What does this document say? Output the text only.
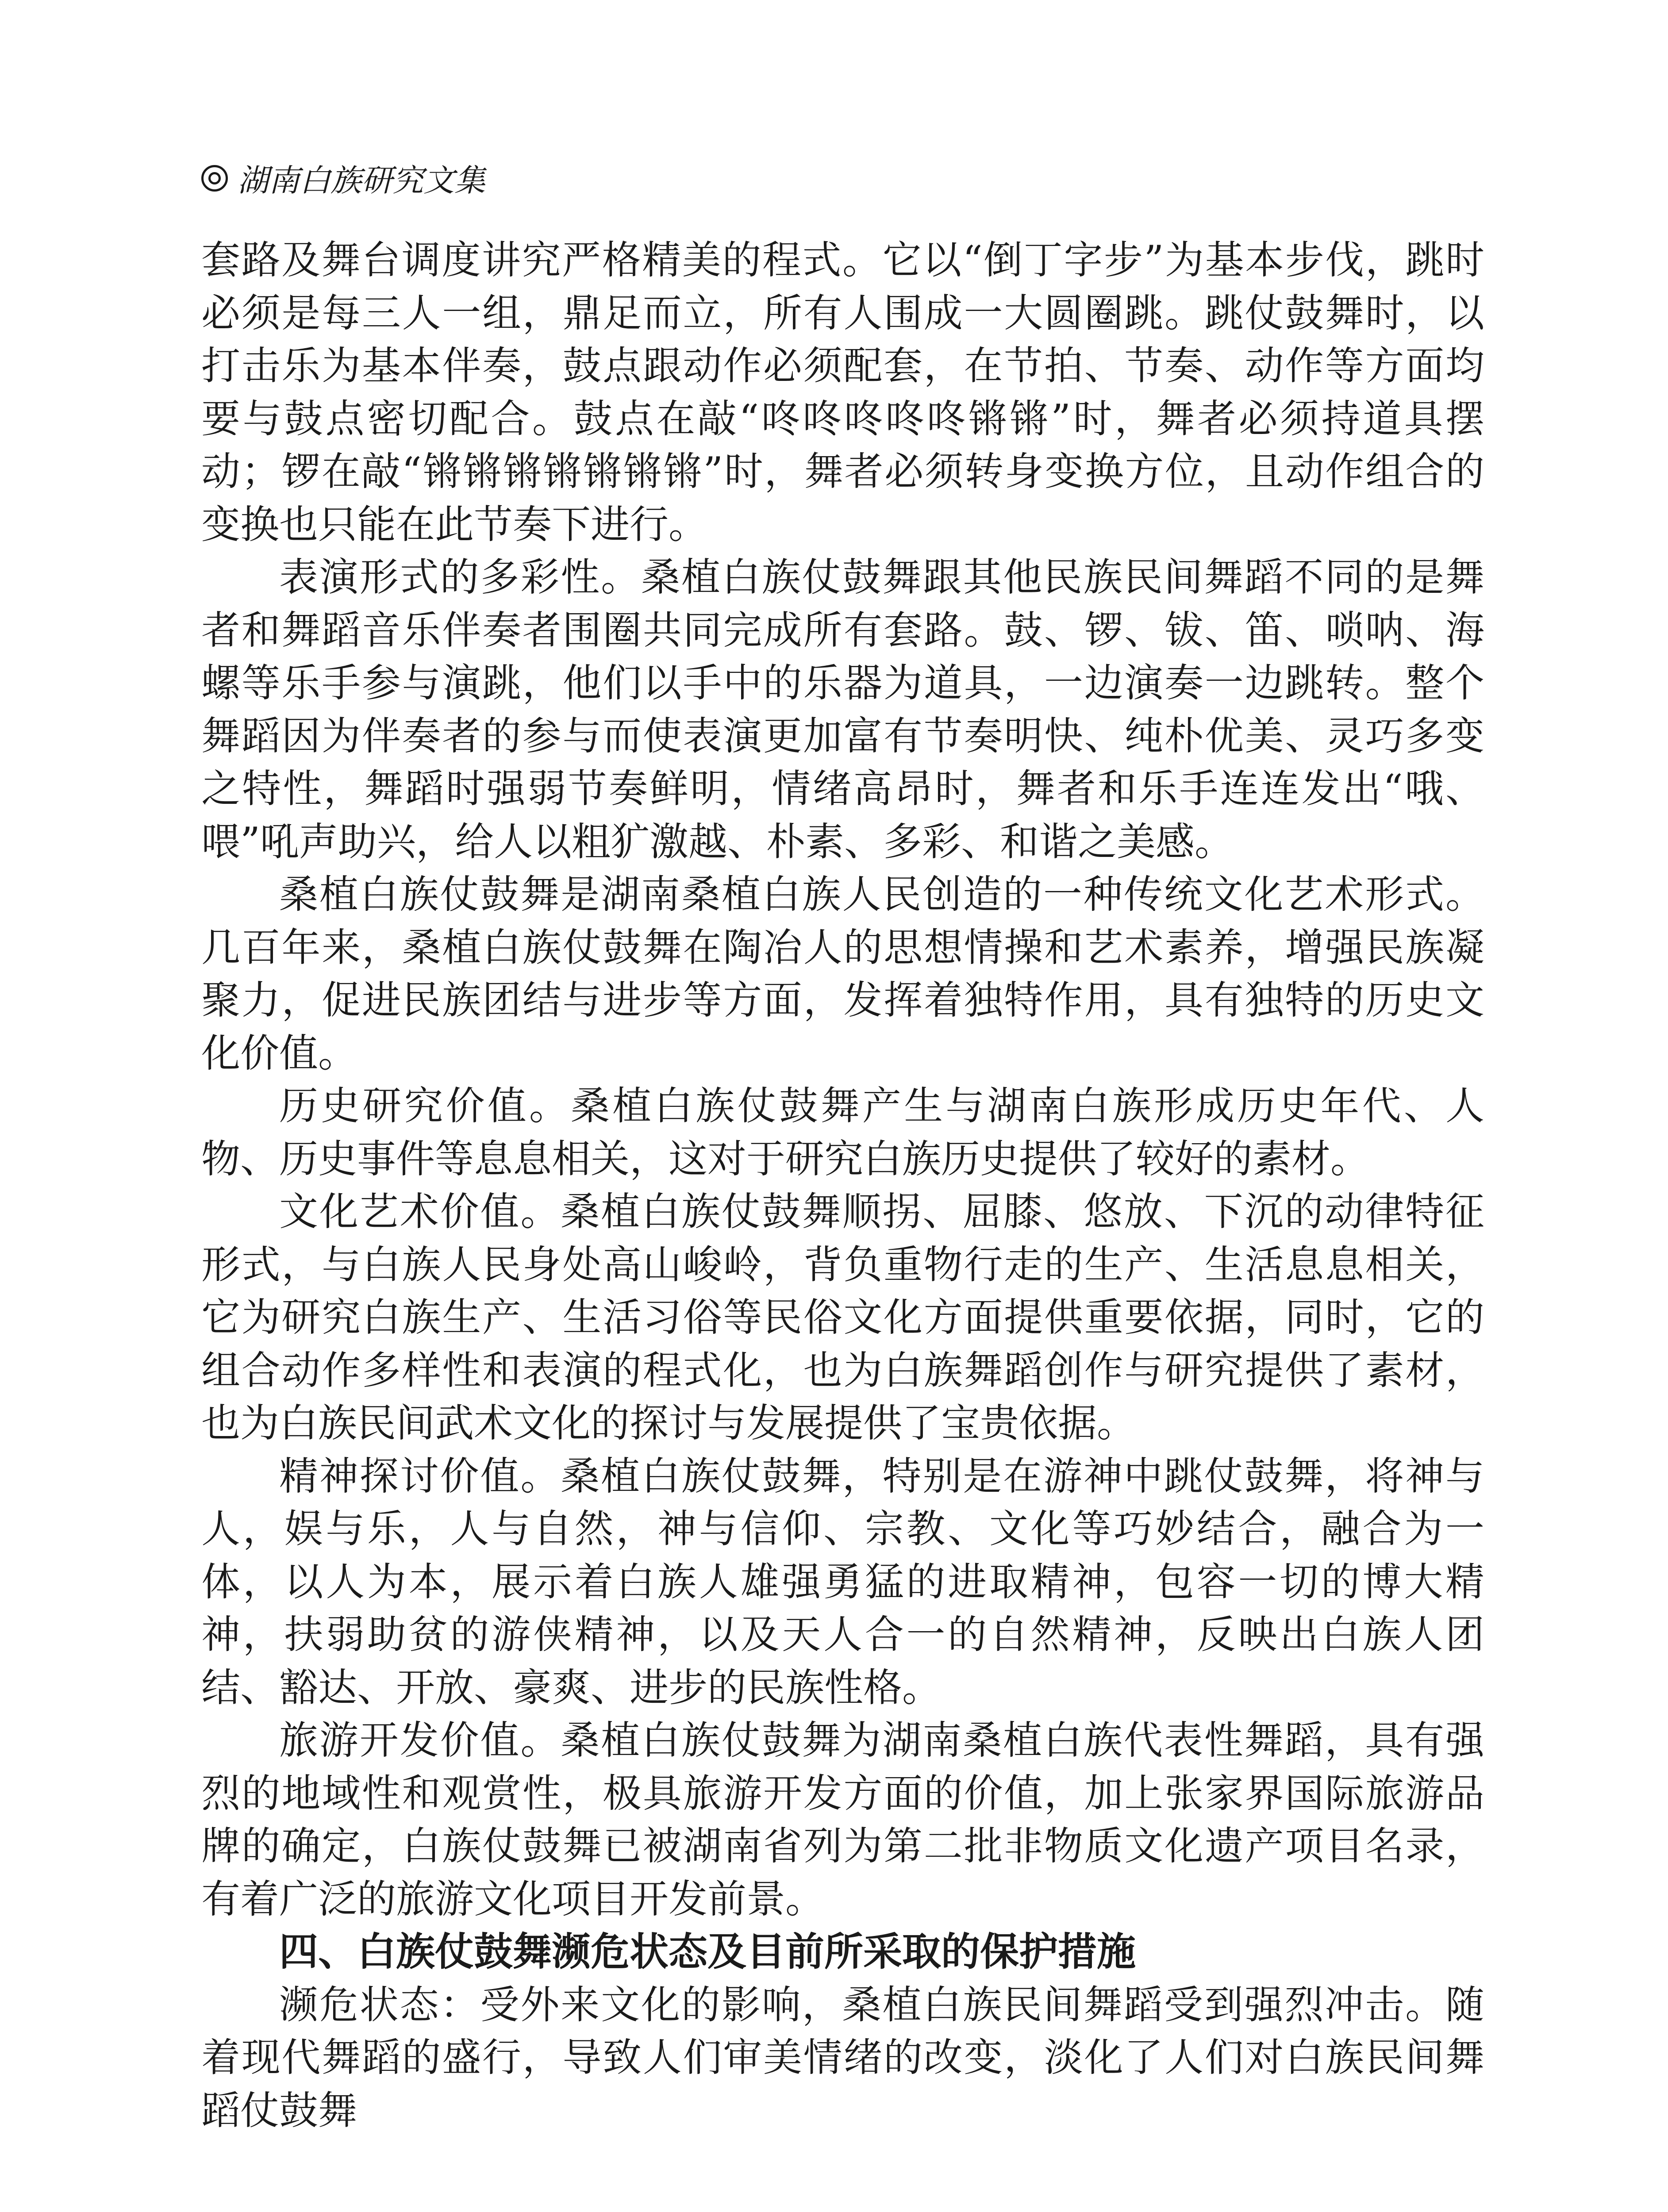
湖南白族研究文集

套路及舞台调度讲究严格精美的程式。它以“倒丁字步”为基本步伐，跳时必须是每三人一组，鼎足而立，所有人围成一大圆圈跳。跳仗鼓舞时，以打击乐为基本伴奏，鼓点跟动作必须配套，在节拍、节奏、动作等方面均要与鼓点密切配合。鼓点在敲“咚咚咚咚咚锵锵”时，舞者必须持道具摆动；锣在敲“锵锵锵锵锵锵锵”时，舞者必须转身变换方位，且动作组合的变换也只能在此节奏下进行。

表演形式的多彩性。桑植白族仗鼓舞跟其他民族民间舞蹈不同的是舞者和舞蹈音乐伴奏者围圈共同完成所有套路。鼓、锣、钹、笛、唢呐、海螺等乐手参与演跳，他们以手中的乐器为道具，一边演奏一边跳转。整个舞蹈因为伴奏者的参与而使表演更加富有节奏明快、纯朴优美、灵巧多变之特性，舞蹈时强弱节奏鲜明，情绪高昂时，舞者和乐手连连发出“哦、喂”吼声助兴，给人以粗犷激越、朴素、多彩、和谐之美感。

桑植白族仗鼓舞是湖南桑植白族人民创造的一种传统文化艺术形式。几百年来，桑植白族仗鼓舞在陶冶人的思想情操和艺术素养，增强民族凝聚力，促进民族团结与进步等方面，发挥着独特作用，具有独特的历史文化价值。

历史研究价值。桑植白族仗鼓舞产生与湖南白族形成历史年代、人物、历史事件等息息相关，这对于研究白族历史提供了较好的素材。

文化艺术价值。桑植白族仗鼓舞顺拐、屈膝、悠放、下沉的动律特征形式，与白族人民身处高山峻岭，背负重物行走的生产、生活息息相关，它为研究白族生产、生活习俗等民俗文化方面提供重要依据，同时，它的组合动作多样性和表演的程式化，也为白族舞蹈创作与研究提供了素材，也为白族民间武术文化的探讨与发展提供了宝贵依据。

精神探讨价值。桑植白族仗鼓舞，特别是在游神中跳仗鼓舞，将神与人，娱与乐，人与自然，神与信仰、宗教、文化等巧妙结合，融合为一体，以人为本，展示着白族人雄强勇猛的进取精神，包容一切的博大精神，扶弱助贫的游侠精神，以及天人合一的自然精神，反映出白族人团结、豁达、开放、豪爽、进步的民族性格。

旅游开发价值。桑植白族仗鼓舞为湖南桑植白族代表性舞蹈，具有强烈的地域性和观赏性，极具旅游开发方面的价值，加上张家界国际旅游品牌的确定，白族仗鼓舞已被湖南省列为第二批非物质文化遗产项目名录，有着广泛的旅游文化项目开发前景。

四、白族仗鼓舞濒危状态及目前所采取的保护措施

濒危状态：受外来文化的影响，桑植白族民间舞蹈受到强烈冲击。随着现代舞蹈的盛行，导致人们审美情绪的改变，淡化了人们对白族民间舞蹈仗鼓舞
